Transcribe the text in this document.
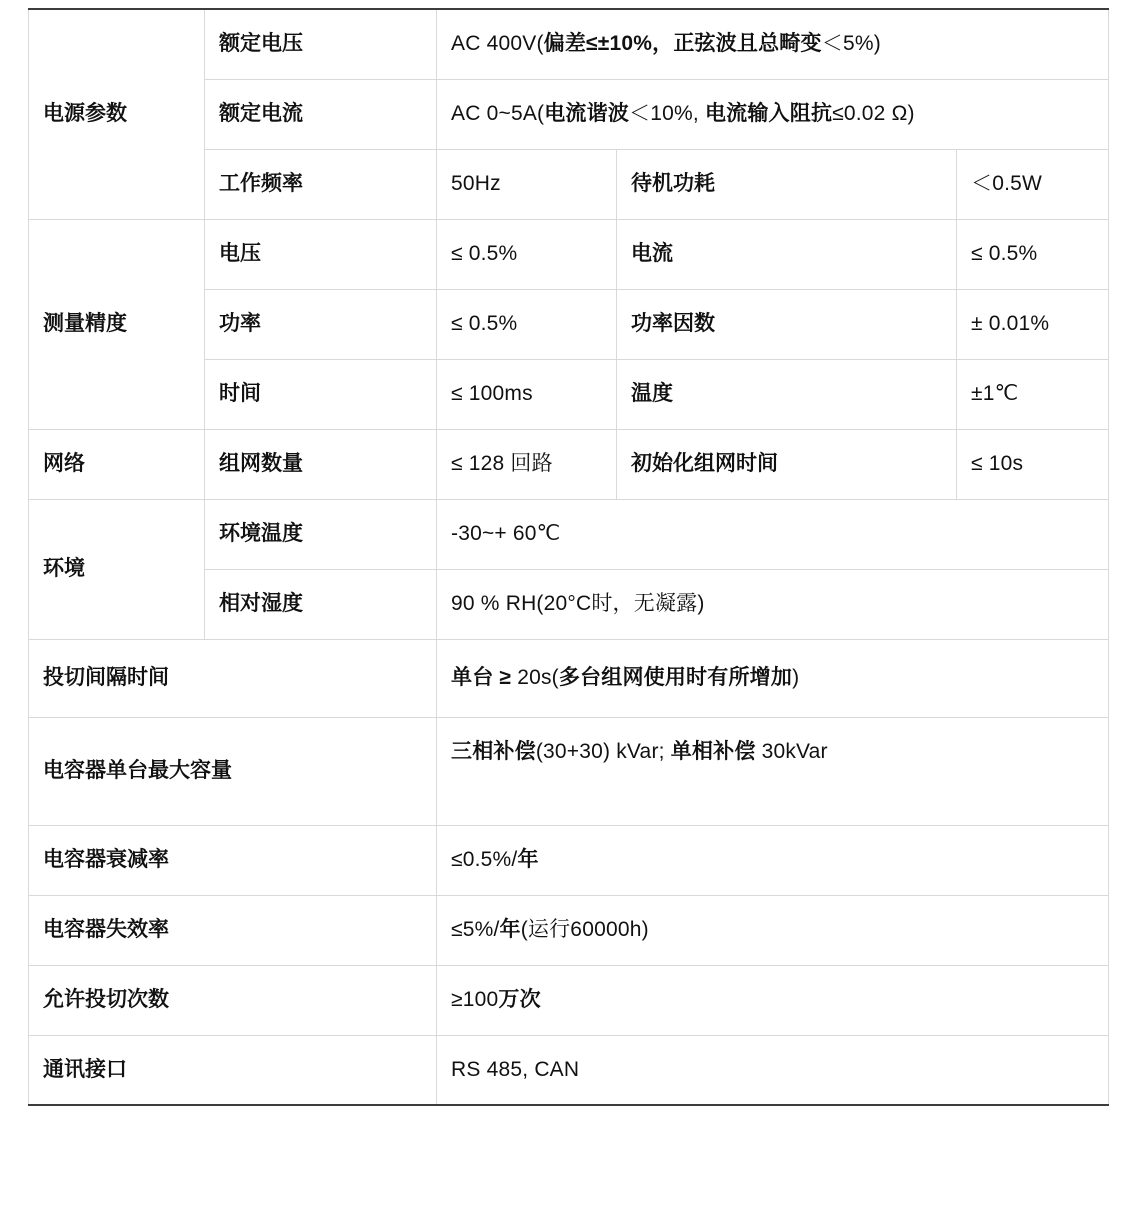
电源参数	额定电压	AC 400V(偏差≤±10%，正弦波且总畸变＜5%)		
	额定电流	AC 0~5A(电流谐波＜10%, 电流输入阻抗≤0.02 Ω)		
	工作频率	50Hz	待机功耗	＜0.5W
测量精度	电压	≤ 0.5%	电流	≤ 0.5%
	功率	≤ 0.5%	功率因数	± 0.01%
	时间	≤ 100ms	温度	±1℃
网络	组网数量	≤ 128 回路	初始化组网时间	≤ 10s
环境	环境温度	-30~+ 60℃		
	相对湿度	90 % RH(20°C时，无凝露)		
投切间隔时间		单台 ≥ 20s(多台组网使用时有所增加)		
电容器单台最大容量		三相补偿(30+30) kVar; 单相补偿 30kVar		
电容器衰减率		≤0.5%/年		
电容器失效率		≤5%/年(运行60000h)		
允许投切次数		≥100万次		
通讯接口		RS 485, CAN		
